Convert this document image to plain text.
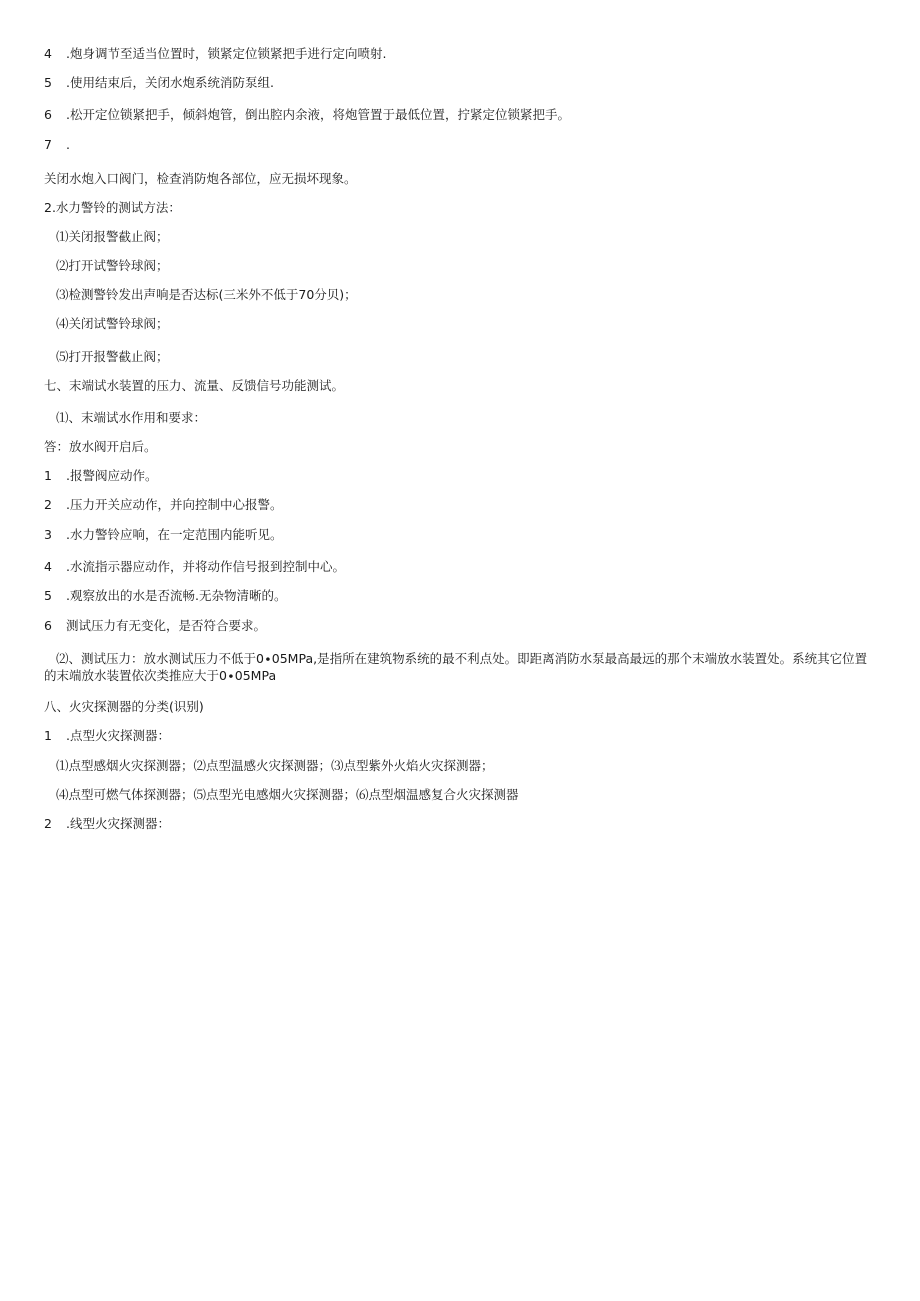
4 .炮身调节至适当位置时，锁紧定位锁紧把手进行定向喷射.
5 .使用结束后，关闭水炮系统消防泵组.
6 .松开定位锁紧把手，倾斜炮管，倒出腔内余液，将炮管置于最低位置，拧紧定位锁紧把手。
7 .
关闭水炮入口阀门，检查消防炮各部位，应无损坏现象。
2.水力警铃的测试方法：
⑴关闭报警截止阀；
⑵打开试警铃球阀；
⑶检测警铃发出声响是否达标(三米外不低于70分贝)；
⑷关闭试警铃球阀；
⑸打开报警截止阀；
七、末端试水装置的压力、流量、反馈信号功能测试。
⑴、末端试水作用和要求：
答：放水阀开启后。
1 .报警阀应动作。
2 .压力开关应动作，并向控制中心报警。
3 .水力警铃应响，在一定范围内能听见。
4 .水流指示器应动作，并将动作信号报到控制中心。
5 .观察放出的水是否流畅.无杂物清晰的。
6 测试压力有无变化，是否符合要求。
⑵、测试压力：放水测试压力不低于0∙05MPa,是指所在建筑物系统的最不利点处。即距离消防水泵最高最远的那个末端放水装置处。系统其它位置的末端放水装置依次类推应大于0∙05MPa
八、火灾探测器的分类(识别)
1 .点型火灾探测器：
⑴点型感烟火灾探测器；⑵点型温感火灾探测器；⑶点型紫外火焰火灾探测器；
⑷点型可燃气体探测器；⑸点型光电感烟火灾探测器；⑹点型烟温感复合火灾探测器
2 .线型火灾探测器：
